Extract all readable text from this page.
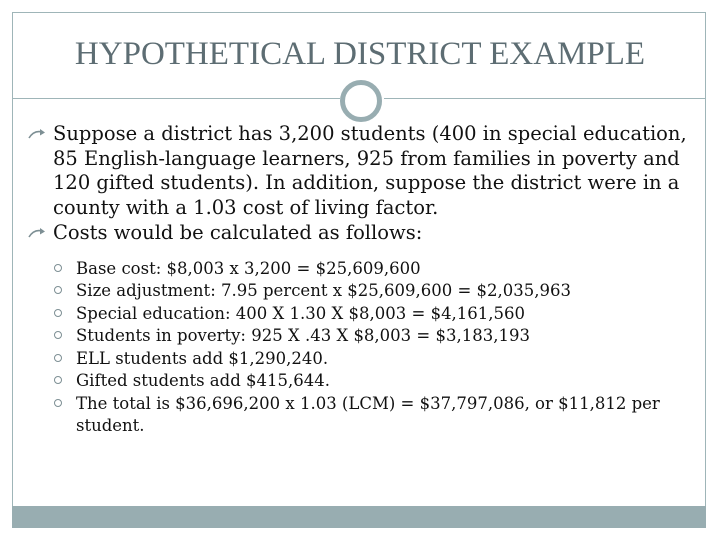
HYPOTHETICAL DISTRICT EXAMPLE
Suppose a district has 3,200 students (400 in special education, 85 English-language learners, 925 from families in poverty and 120 gifted students). In addition, suppose the district were in a county with a 1.03 cost of living factor.
Costs would be calculated as follows:
Base cost: $8,003 x 3,200 = $25,609,600
Size adjustment: 7.95 percent x $25,609,600 = $2,035,963
Special education: 400 X 1.30 X $8,003 = $4,161,560
Students in poverty: 925 X .43 X $8,003 = $3,183,193
ELL students add $1,290,240.
Gifted students add $415,644.
The total is $36,696,200 x 1.03 (LCM) = $37,797,086, or $11,812 per student.
